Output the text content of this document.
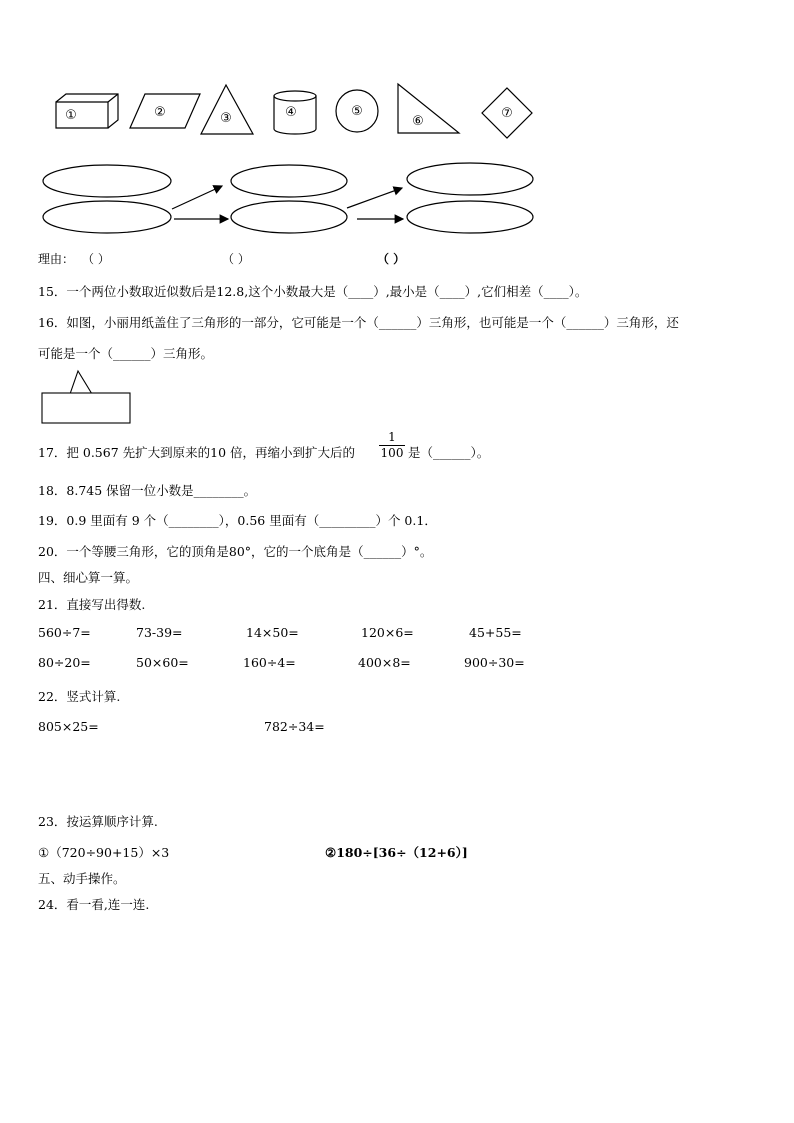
①	②	③	④	⑤
⑥
⑦
理由： （ ）	（ ）	（ ）
15．一个两位小数取近似数后是12.8,这个小数最大是（____）,最小是（____）,它们相差（____）。
16．如图，小丽用纸盖住了三角形的一部分，它可能是一个（______）三角形，也可能是一个（______）三角形，还
可能是一个（______）三角形。
17．把 0.567 先扩大到原来的10 倍，再缩小到扩大后的 $\frac{1}{100}$ 是（______）。
18．8.745 保留一位小数是________。
19．0.9 里面有 9 个（________），0.56 里面有（_________）个 0.1．
20．一个等腰三角形，它的顶角是80°，它的一个底角是（______）°。
四、细心算一算。
21．直接写出得数.
560÷7=	73-39=	14×50=	120×6=	45+55=
80÷20=	50×60=	160÷4=	400×8=	900÷30=
22．竖式计算.
805×25=	782÷34=
23．按运算顺序计算.
①（720÷90+15）×3	②180÷[36÷（12+6）]
五、动手操作。
24．看一看,连一连.
